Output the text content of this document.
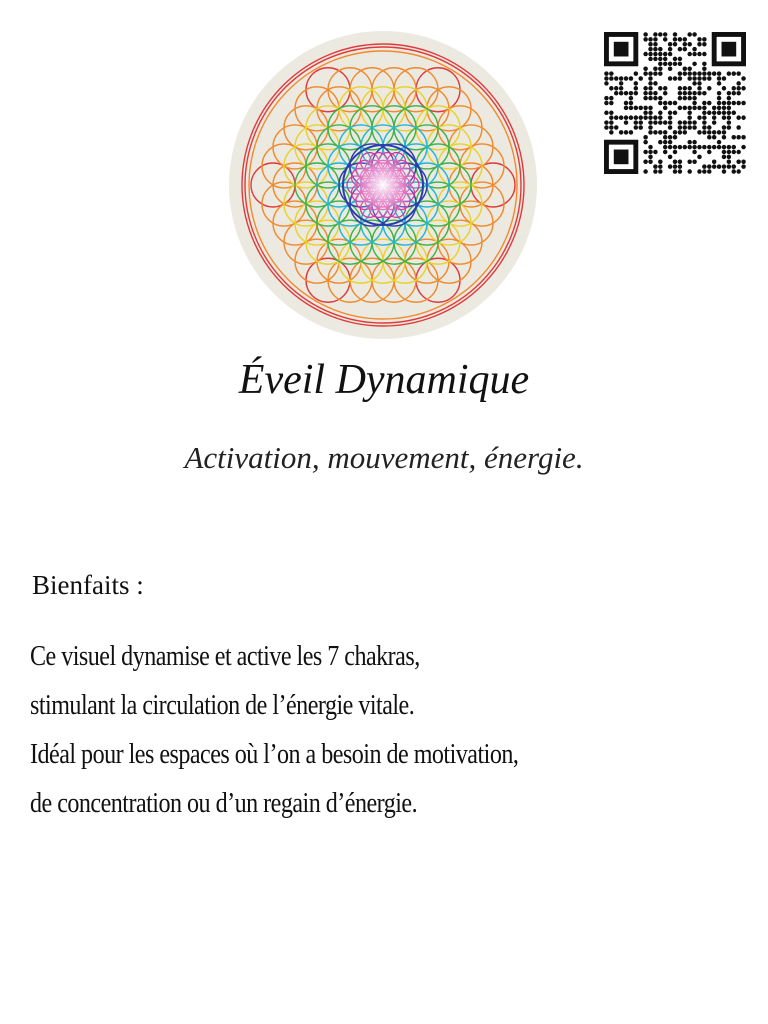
Éveil Dynamique

Activation, mouvement, énergie.

Bienfaits :
Ce visuel dynamise et active les 7 chakras,
stimulant la circulation de l’énergie vitale.
Idéal pour les espaces où l’on a besoin de motivation,
de concentration ou d’un regain d’énergie.
